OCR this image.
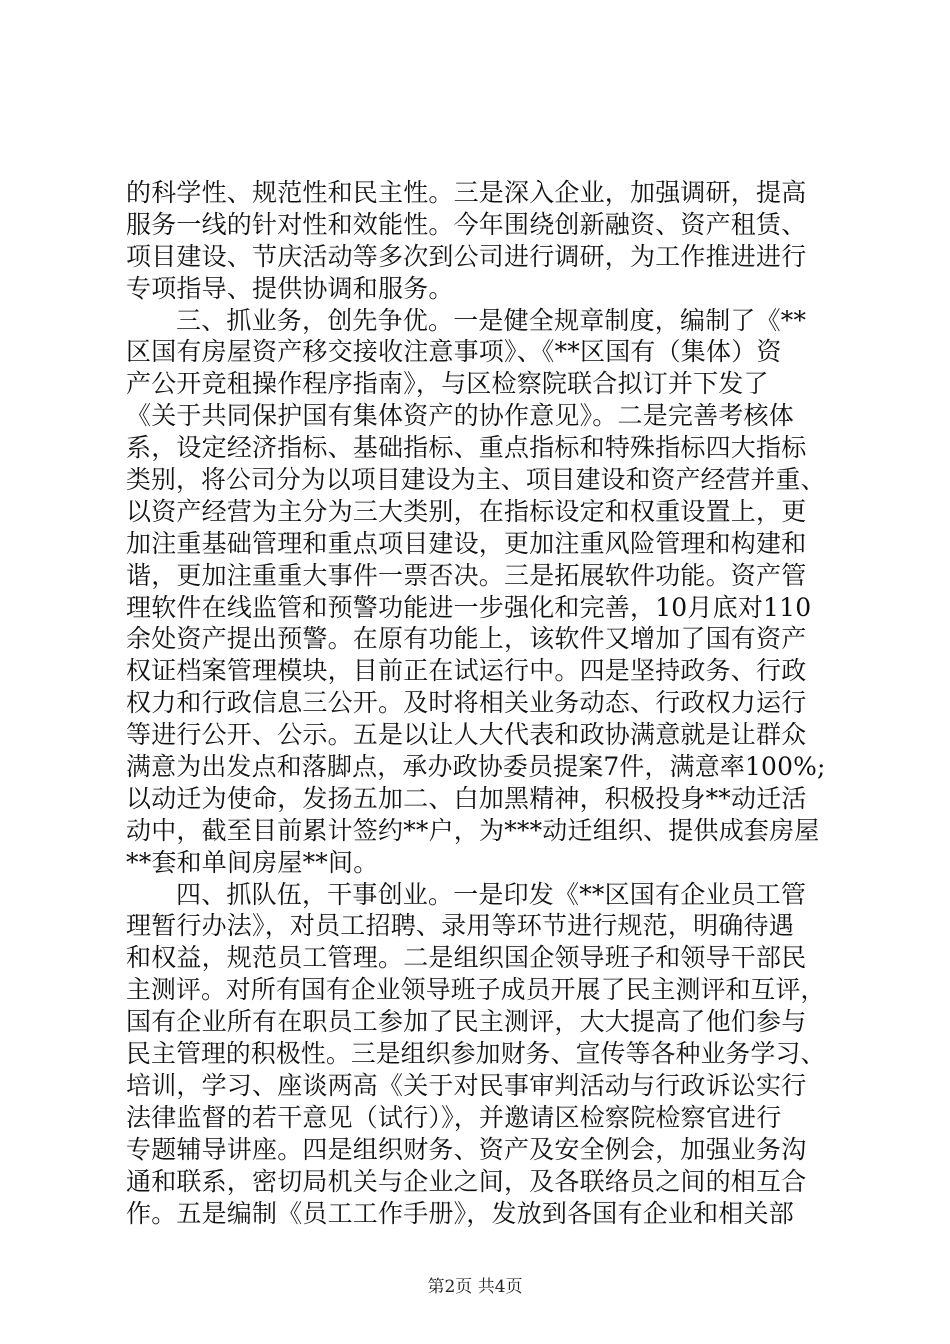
的科学性、规范性和民主性。三是深入企业，加强调研，提高
服务一线的针对性和效能性。今年围绕创新融资、资产租赁、
项目建设、节庆活动等多次到公司进行调研，为工作推进进行
专项指导、提供协调和服务。
三、抓业务，创先争优。一是健全规章制度，编制了《**
区国有房屋资产移交接收注意事项》、《**区国有（集体）资
产公开竞租操作程序指南》，与区检察院联合拟订并下发了
《关于共同保护国有集体资产的协作意见》。二是完善考核体
系，设定经济指标、基础指标、重点指标和特殊指标四大指标
类别，将公司分为以项目建设为主、项目建设和资产经营并重、
以资产经营为主分为三大类别，在指标设定和权重设置上，更
加注重基础管理和重点项目建设，更加注重风险管理和构建和
谐，更加注重重大事件一票否决。三是拓展软件功能。资产管
理软件在线监管和预警功能进一步强化和完善，10月底对110
余处资产提出预警。在原有功能上，该软件又增加了国有资产
权证档案管理模块，目前正在试运行中。四是坚持政务、行政
权力和行政信息三公开。及时将相关业务动态、行政权力运行
等进行公开、公示。五是以让人大代表和政协满意就是让群众
满意为出发点和落脚点，承办政协委员提案7件，满意率100%;
以动迁为使命，发扬五加二、白加黑精神，积极投身**动迁活
动中，截至目前累计签约**户，为***动迁组织、提供成套房屋
**套和单间房屋**间。
四、抓队伍，干事创业。一是印发《**区国有企业员工管
理暂行办法》，对员工招聘、录用等环节进行规范，明确待遇
和权益，规范员工管理。二是组织国企领导班子和领导干部民
主测评。对所有国有企业领导班子成员开展了民主测评和互评，
国有企业所有在职员工参加了民主测评，大大提高了他们参与
民主管理的积极性。三是组织参加财务、宣传等各种业务学习、
培训，学习、座谈两高《关于对民事审判活动与行政诉讼实行
法律监督的若干意见（试行）》，并邀请区检察院检察官进行
专题辅导讲座。四是组织财务、资产及安全例会，加强业务沟
通和联系，密切局机关与企业之间，及各联络员之间的相互合
作。五是编制《员工工作手册》，发放到各国有企业和相关部
第2页 共4页
